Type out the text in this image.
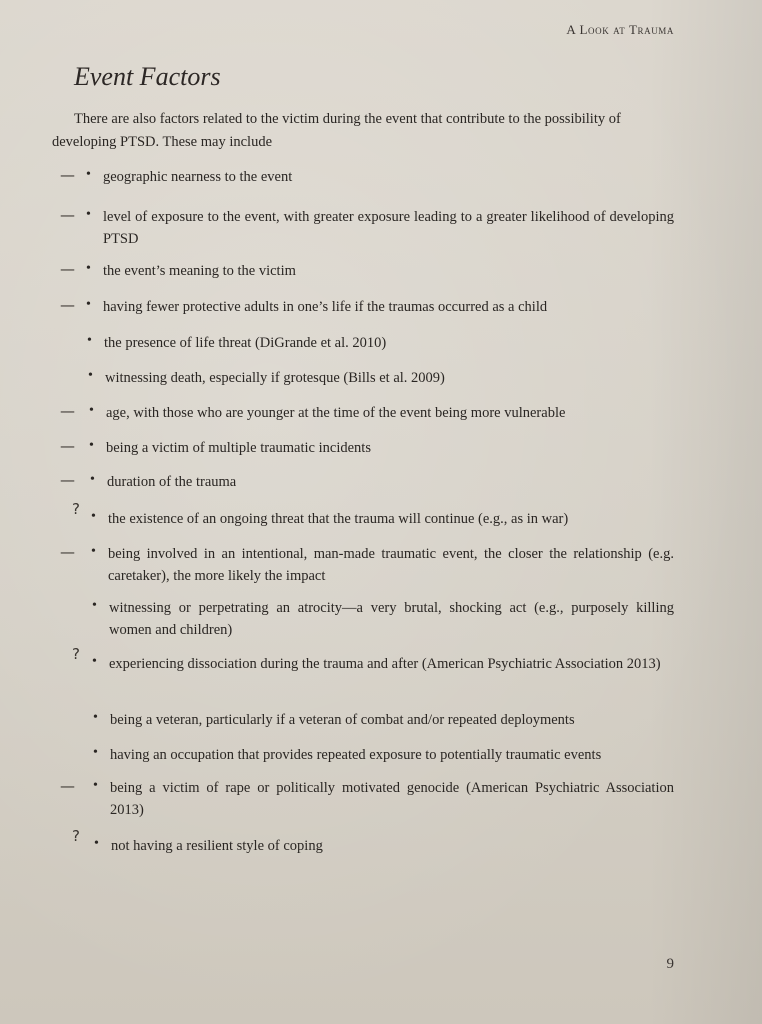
A Look at Trauma
Event Factors

There are also factors related to the victim during the event that contribute to the possibility of developing PTSD. These may include

— • geographic nearness to the event
— • level of exposure to the event, with greater exposure leading to a greater likelihood of developing PTSD
— • the event’s meaning to the victim
— • having fewer protective adults in one’s life if the traumas occurred as a child
• the presence of life threat (DiGrande et al. 2010)
• witnessing death, especially if grotesque (Bills et al. 2009)
— • age, with those who are younger at the time of the event being more vulnerable
— • being a victim of multiple traumatic incidents
— • duration of the trauma
? • the existence of an ongoing threat that the trauma will continue (e.g., as in war)
— • being involved in an intentional, man-made traumatic event, the closer the relationship (e.g. caretaker), the more likely the impact
• witnessing or perpetrating an atrocity—a very brutal, shocking act (e.g., purposely killing women and children)
? • experiencing dissociation during the trauma and after (American Psychiatric Association 2013)
• being a veteran, particularly if a veteran of combat and/or repeated deployments
• having an occupation that provides repeated exposure to potentially traumatic events
— • being a victim of rape or politically motivated genocide (American Psychiatric Association 2013)
? • not having a resilient style of coping
9
